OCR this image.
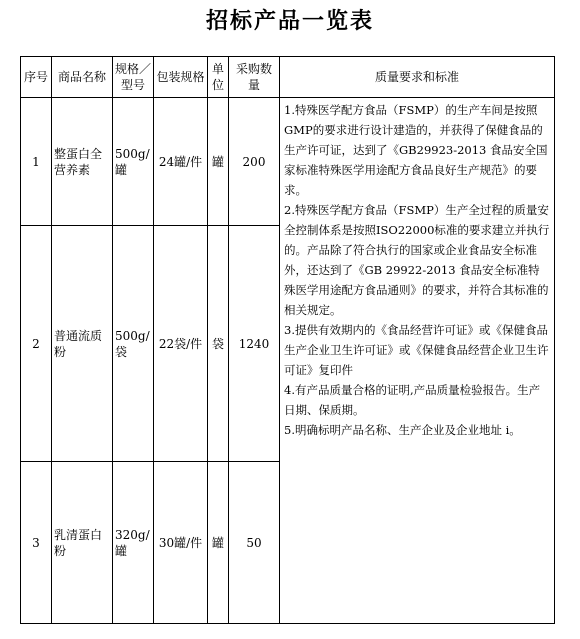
招标产品一览表
序号	商品名称	规格／型号	包装规格	单位	采购数量	质量要求和标准
1	整蛋白全营养素	500g/罐	24罐/件	罐	200	1.特殊医学配方食品（FSMP）的生产车间是按照GMP的要求进行设计建造的，并获得了保健食品的生产许可证，达到了《GB29923-2013 食品安全国家标准特殊医学用途配方食品良好生产规范》的要求。

2.特殊医学配方食品（FSMP）生产全过程的质量安全控制体系是按照ISO22000标准的要求建立并执行的。产品除了符合执行的国家或企业食品安全标准外，还达到了《GB 29922-2013 食品安全标准特殊医学用途配方食品通则》的要求，并符合其标准的相关规定。

3.提供有效期内的《食品经营许可证》或《保健食品生产企业卫生许可证》或《保健食品经营企业卫生许可证》复印件

4.有产品质量合格的证明,产品质量检验报告。生产日期、保质期。

5.明确标明产品名称、生产企业及企业地址 i。

2	普通流质粉	500g/袋	22袋/件	袋	1240	
3	乳清蛋白粉	320g/罐	30罐/件	罐	50	
